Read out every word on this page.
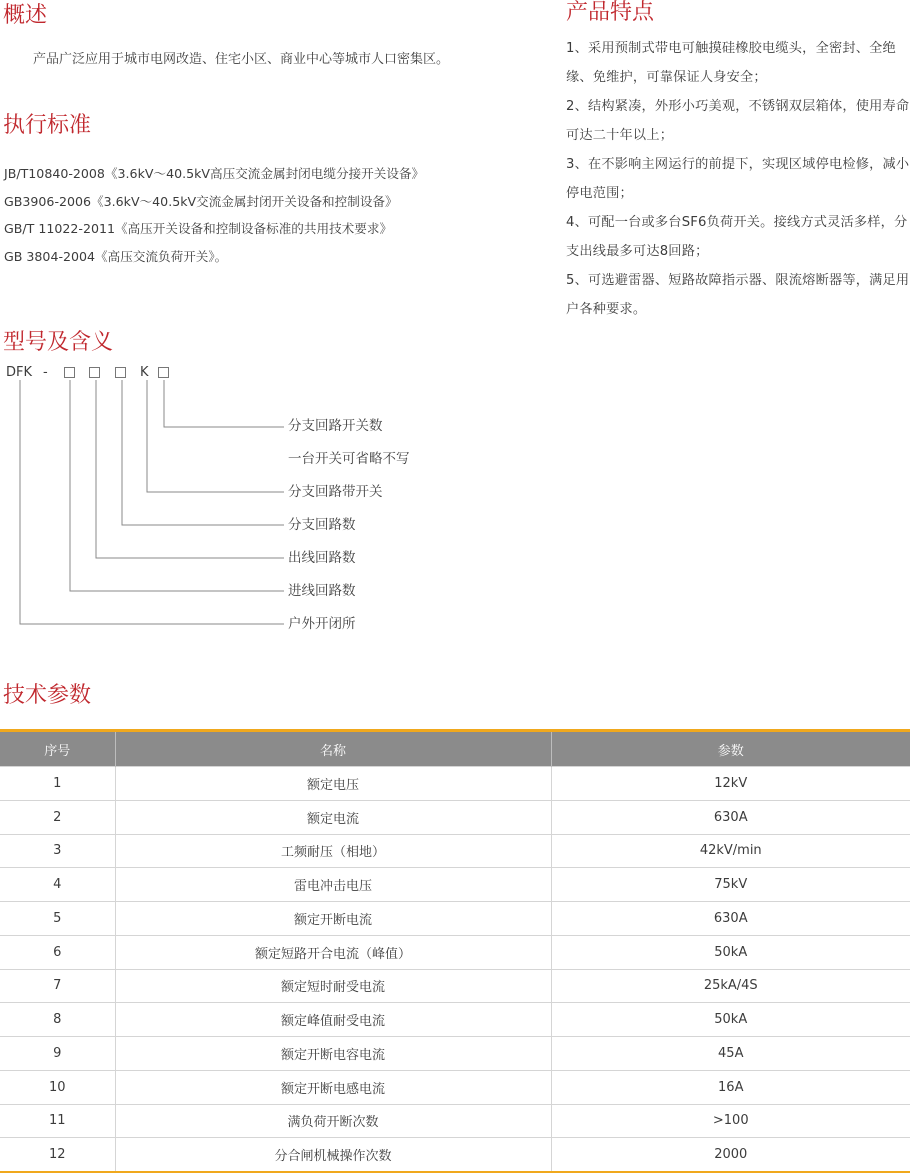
概述
产品广泛应用于城市电网改造、住宅小区、商业中心等城市人口密集区。
执行标准
JB/T10840-2008《3.6kV～40.5kV高压交流金属封闭电缆分接开关设备》
GB3906-2006《3.6kV～40.5kV交流金属封闭开关设备和控制设备》
GB/T 11022-2011《高压开关设备和控制设备标准的共用技术要求》
GB 3804-2004《高压交流负荷开关》。
产品特点
1、采用预制式带电可触摸硅橡胶电缆头，全密封、全绝缘、免维护，可靠保证人身安全；
2、结构紧凑，外形小巧美观，不锈钢双层箱体，使用寿命可达二十年以上；
3、在不影响主网运行的前提下，实现区域停电检修，减小停电范围；
4、可配一台或多台SF6负荷开关。接线方式灵活多样，分支出线最多可达8回路；
5、可选避雷器、短路故障指示器、限流熔断器等，满足用户各种要求。
型号及含义
DFK -	K
分支回路开关数
一台开关可省略不写
分支回路带开关
分支回路数
出线回路数
进线回路数
户外开闭所
技术参数
序号	名称	参数
1	额定电压	12kV
2	额定电流	630A
3	工频耐压（相地）	42kV/min
4	雷电冲击电压	75kV
5	额定开断电流	630A
6	额定短路开合电流（峰值）	50kA
7	额定短时耐受电流	25kA/4S
8	额定峰值耐受电流	50kA
9	额定开断电容电流	45A
10	额定开断电感电流	16A
11	满负荷开断次数	>100
12	分合闸机械操作次数	2000
